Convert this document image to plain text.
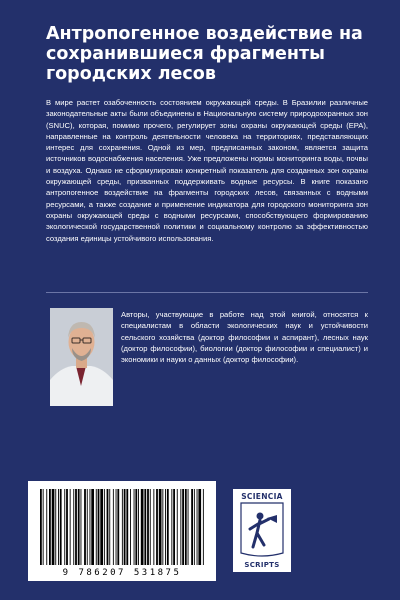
Антропогенное воздействие на сохранившиеся фрагменты городских лесов

В мире растет озабоченность состоянием окружающей среды. В Бразилии различные законодательные акты были объединены в Национальную систему природоохранных зон (SNUC), которая, помимо прочего, регулирует зоны охраны окружающей среды (EPA), направленные на контроль деятельности человека на территориях, представляющих интерес для сохранения. Одной из мер, предписанных законом, является защита источников водоснабжения населения. Уже предложены нормы мониторинга воды, почвы и воздуха. Однако не сформулирован конкретный показатель для созданных зон охраны окружающей среды, призванных поддерживать водные ресурсы. В книге показано антропогенное воздействие на фрагменты городских лесов, связанных с водными ресурсами, а также создание и применение индикатора для городского мониторинга зон охраны окружающей среды с водными ресурсами, способствующего формированию экологической государственной политики и социальному контролю за эффективностью создания единицы устойчивого использования.

Авторы, участвующие в работе над этой книгой, относятся к специалистам в области экологических наук и устойчивости сельского хозяйства (доктор философии и аспирант), лесных наук (доктор философии), биологии (доктор философии и специалист) и экономики и науки о данных (доктор философии).

9 786207 531875
SCIENCIA
SCRIPTS
